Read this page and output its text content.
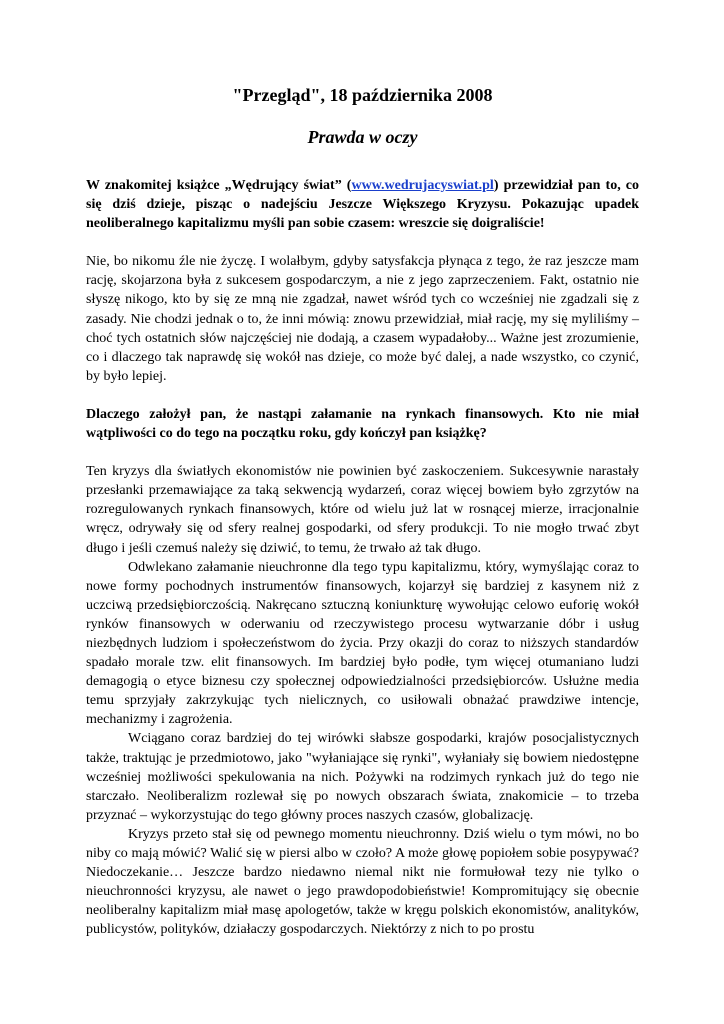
"Przegląd", 18 października 2008
Prawda w oczy

W znakomitej książce „Wędrujący świat” (www.wedrujacyswiat.pl) przewidział pan to, co się dziś dzieje, pisząc o nadejściu Jeszcze Większego Kryzysu. Pokazując upadek neoliberalnego kapitalizmu myśli pan sobie czasem: wreszcie się doigraliście!

Nie, bo nikomu źle nie życzę. I wolałbym, gdyby satysfakcja płynąca z tego, że raz jeszcze mam rację, skojarzona była z sukcesem gospodarczym, a nie z jego zaprzeczeniem. Fakt, ostatnio nie słyszę nikogo, kto by się ze mną nie zgadzał, nawet wśród tych co wcześniej nie zgadzali się z zasady. Nie chodzi jednak o to, że inni mówią: znowu przewidział, miał rację, my się myliliśmy – choć tych ostatnich słów najczęściej nie dodają, a czasem wypadałoby... Ważne jest zrozumienie, co i dlaczego tak naprawdę się wokół nas dzieje, co może być dalej, a nade wszystko, co czynić, by było lepiej.

Dlaczego założył pan, że nastąpi załamanie na rynkach finansowych. Kto nie miał wątpliwości co do tego na początku roku, gdy kończył pan książkę?

Ten kryzys dla światłych ekonomistów nie powinien być zaskoczeniem. Sukcesywnie narastały przesłanki przemawiające za taką sekwencją wydarzeń, coraz więcej bowiem było zgrzytów na rozregulowanych rynkach finansowych, które od wielu już lat w rosnącej mierze, irracjonalnie wręcz, odrywały się od sfery realnej gospodarki, od sfery produkcji. To nie mogło trwać zbyt długo i jeśli czemuś należy się dziwić, to temu, że trwało aż tak długo.

Odwlekano załamanie nieuchronne dla tego typu kapitalizmu, który, wymyślając coraz to nowe formy pochodnych instrumentów finansowych, kojarzył się bardziej z kasynem niż z uczciwą przedsiębiorczością. Nakręcano sztuczną koniunkturę wywołując celowo euforię wokół rynków finansowych w oderwaniu od rzeczywistego procesu wytwarzanie dóbr i usług niezbędnych ludziom i społeczeństwom do życia. Przy okazji do coraz to niższych standardów spadało morale tzw. elit finansowych. Im bardziej było podłe, tym więcej otumaniano ludzi demagogią o etyce biznesu czy społecznej odpowiedzialności przedsiębiorców. Usłużne media temu sprzyjały zakrzykując tych nielicznych, co usiłowali obnażać prawdziwe intencje, mechanizmy i zagrożenia.

Wciągano coraz bardziej do tej wirówki słabsze gospodarki, krajów posocjalistycznych także, traktując je przedmiotowo, jako "wyłaniające się rynki", wyłaniały się bowiem niedostępne wcześniej możliwości spekulowania na nich. Pożywki na rodzimych rynkach już do tego nie starczało. Neoliberalizm rozlewał się po nowych obszarach świata, znakomicie – to trzeba przyznać – wykorzystując do tego główny proces naszych czasów, globalizację.

Kryzys przeto stał się od pewnego momentu nieuchronny. Dziś wielu o tym mówi, no bo niby co mają mówić? Walić się w piersi albo w czoło? A może głowę popiołem sobie posypywać? Niedoczekanie… Jeszcze bardzo niedawno niemal nikt nie formułował tezy nie tylko o nieuchronności kryzysu, ale nawet o jego prawdopodobieństwie! Kompromitujący się obecnie neoliberalny kapitalizm miał masę apologetów, także w kręgu polskich ekonomistów, analityków, publicystów, polityków, działaczy gospodarczych. Niektórzy z nich to po prostu
